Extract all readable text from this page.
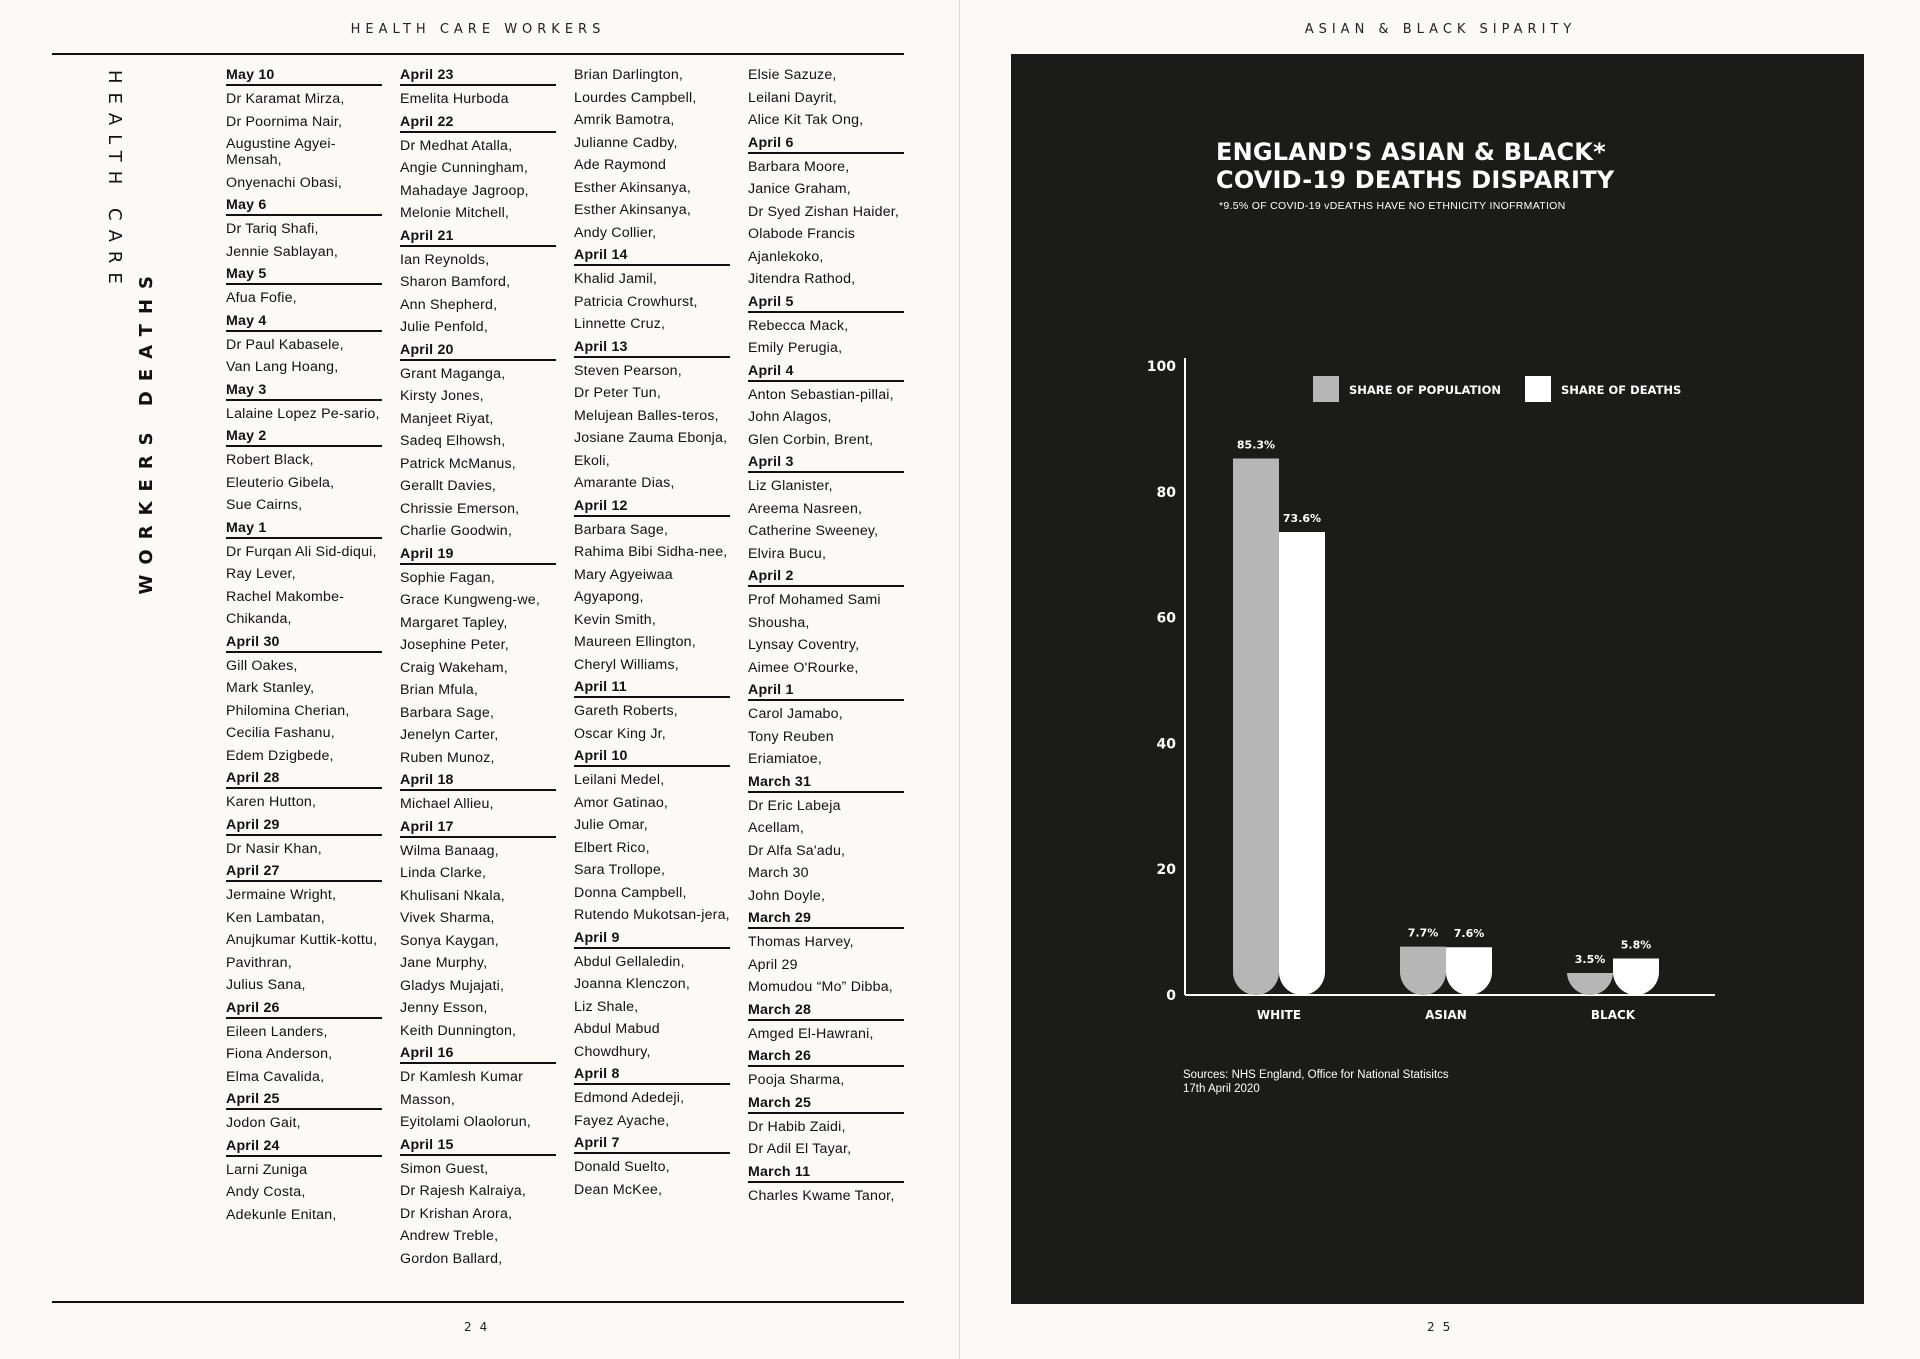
HEALTH CARE WORKERS
HEALTH CARE
WORKERS DEATHS
May 10
Dr Karamat Mirza,
Dr Poornima Nair,
Augustine Agyei-Mensah,
Onyenachi Obasi,
May 6
Dr Tariq Shafi,
Jennie Sablayan,
May 5
Afua Fofie,
May 4
Dr Paul Kabasele,
Van Lang Hoang,
May 3
Lalaine Lopez Pe-sario,
May 2
Robert Black,
Eleuterio Gibela,
Sue Cairns,
May 1
Dr Furqan Ali Sid-diqui,
Ray Lever,
Rachel Makombe-
Chikanda,
April 30
Gill Oakes,
Mark Stanley,
Philomina Cherian,
Cecilia Fashanu,
Edem Dzigbede,
April 28
Karen Hutton,
April 29
Dr Nasir Khan,
April 27
Jermaine Wright,
Ken Lambatan,
Anujkumar Kuttik-kottu,
Pavithran,
Julius Sana,
April 26
Eileen Landers,
Fiona Anderson,
Elma Cavalida,
April 25
Jodon Gait,
April 24
Larni Zuniga
Andy Costa,
Adekunle Enitan,
April 23
Emelita Hurboda
April 22
Dr Medhat Atalla,
Angie Cunningham,
Mahadaye Jagroop,
Melonie Mitchell,
April 21
Ian Reynolds,
Sharon Bamford,
Ann Shepherd,
Julie Penfold,
April 20
Grant Maganga,
Kirsty Jones,
Manjeet Riyat,
Sadeq Elhowsh,
Patrick McManus,
Gerallt Davies,
Chrissie Emerson,
Charlie Goodwin,
April 19
Sophie Fagan,
Grace Kungweng-we,
Margaret Tapley,
Josephine Peter,
Craig Wakeham,
Brian Mfula,
Barbara Sage,
Jenelyn Carter,
Ruben Munoz,
April 18
Michael Allieu,
April 17
Wilma Banaag,
Linda Clarke,
Khulisani Nkala,
Vivek Sharma,
Sonya Kaygan,
Jane Murphy,
Gladys Mujajati,
Jenny Esson,
Keith Dunnington,
April 16
Dr Kamlesh Kumar
Masson,
Eyitolami Olaolorun,
April 15
Simon Guest,
Dr Rajesh Kalraiya,
Dr Krishan Arora,
Andrew Treble,
Gordon Ballard,
Brian Darlington,
Lourdes Campbell,
Amrik Bamotra,
Julianne Cadby,
Ade Raymond
Esther Akinsanya,
Esther Akinsanya,
Andy Collier,
April 14
Khalid Jamil,
Patricia Crowhurst,
Linnette Cruz,
April 13
Steven Pearson,
Dr Peter Tun,
Melujean Balles-teros,
Josiane Zauma Ebonja,
Ekoli,
Amarante Dias,
April 12
Barbara Sage,
Rahima Bibi Sidha-nee,
Mary Agyeiwaa
Agyapong,
Kevin Smith,
Maureen Ellington,
Cheryl Williams,
April 11
Gareth Roberts,
Oscar King Jr,
April 10
Leilani Medel,
Amor Gatinao,
Julie Omar,
Elbert Rico,
Sara Trollope,
Donna Campbell,
Rutendo Mukotsan-jera,
April 9
Abdul Gellaledin,
Joanna Klenczon,
Liz Shale,
Abdul Mabud
Chowdhury,
April 8
Edmond Adedeji,
Fayez Ayache,
April 7
Donald Suelto,
Dean McKee,
Elsie Sazuze,
Leilani Dayrit,
Alice Kit Tak Ong,
April 6
Barbara Moore,
Janice Graham,
Dr Syed Zishan Haider,
Olabode Francis
Ajanlekoko,
Jitendra Rathod,
April 5
Rebecca Mack,
Emily Perugia,
April 4
Anton Sebastian-pillai,
John Alagos,
Glen Corbin, Brent,
April 3
Liz Glanister,
Areema Nasreen,
Catherine Sweeney,
Elvira Bucu,
April 2
Prof Mohamed Sami
Shousha,
Lynsay Coventry,
Aimee O'Rourke,
April 1
Carol Jamabo,
Tony Reuben
Eriamiatoe,
March 31
Dr Eric Labeja
Acellam,
Dr Alfa Sa'adu,
March 30
John Doyle,
March 29
Thomas Harvey,
April 29
Momudou “Mo” Dibba,
March 28
Amged El-Hawrani,
March 26
Pooja Sharma,
March 25
Dr Habib Zaidi,
Dr Adil El Tayar,
March 11
Charles Kwame Tanor,
24
ASIAN & BLACK SIPARITY
ENGLAND'S ASIAN & BLACK*
COVID-19 DEATHS DISPARITY
*9.5% OF COVID-19 vDEATHS HAVE NO ETHNICITY INOFRMATION
0
20
40
60
80
100
SHARE OF POPULATION	SHARE OF DEATHS
85.3%
73.6%
WHITE
7.7% 7.6%
ASIAN
3.5%
5.8%
BLACK
Sources: NHS England, Office for National Statisitcs
17th April 2020
25
